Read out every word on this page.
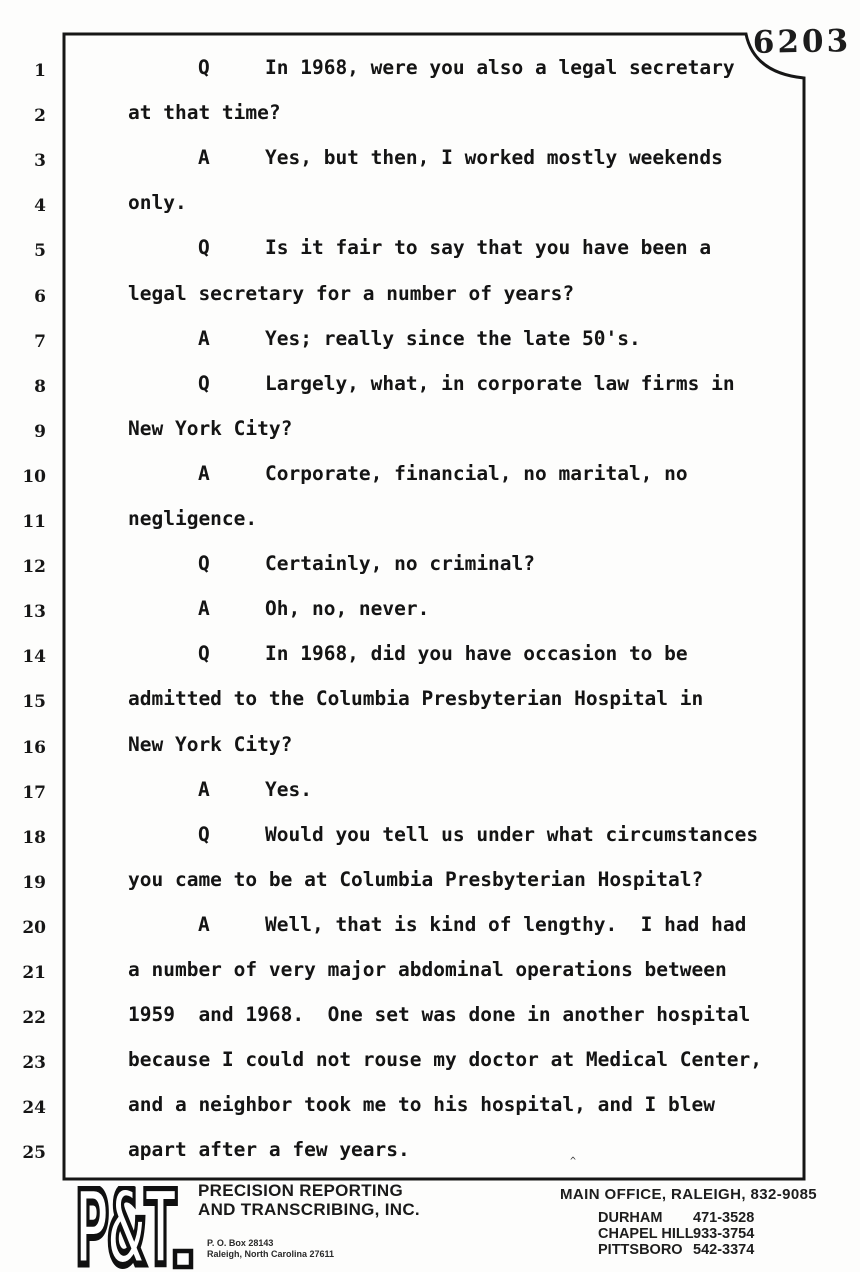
6203
1	Q	In 1968, were you also a legal secretary
2	at that time?
3	A	Yes, but then, I worked mostly weekends
4	only.
5	Q	Is it fair to say that you have been a
6	legal secretary for a number of years?
7	A	Yes; really since the late 50's.
8	Q	Largely, what, in corporate law firms in
9	New York City?
10	A	Corporate, financial, no marital, no
11	negligence.
12	Q	Certainly, no criminal?
13	A	Oh, no, never.
14	Q	In 1968, did you have occasion to be
15	admitted to the Columbia Presbyterian Hospital in
16	New York City?
17	A	Yes.
18	Q	Would you tell us under what circumstances
19	you came to be at Columbia Presbyterian Hospital?
20	A	Well, that is kind of lengthy.  I had had
21	a number of very major abdominal operations between
22	1959  and 1968.  One set was done in another hospital
23	because I could not rouse my doctor at Medical Center,
24	and a neighbor took me to his hospital, and I blew
25	apart after a few years.
^
P&T PRECISION REPORTING
AND TRANSCRIBING, INC.
P. O. Box 28143
Raleigh, North Carolina 27611
MAIN OFFICE, RALEIGH, 832-9085
DURHAM 471-3528
CHAPEL HILL 933-3754
PITTSBORO 542-3374
